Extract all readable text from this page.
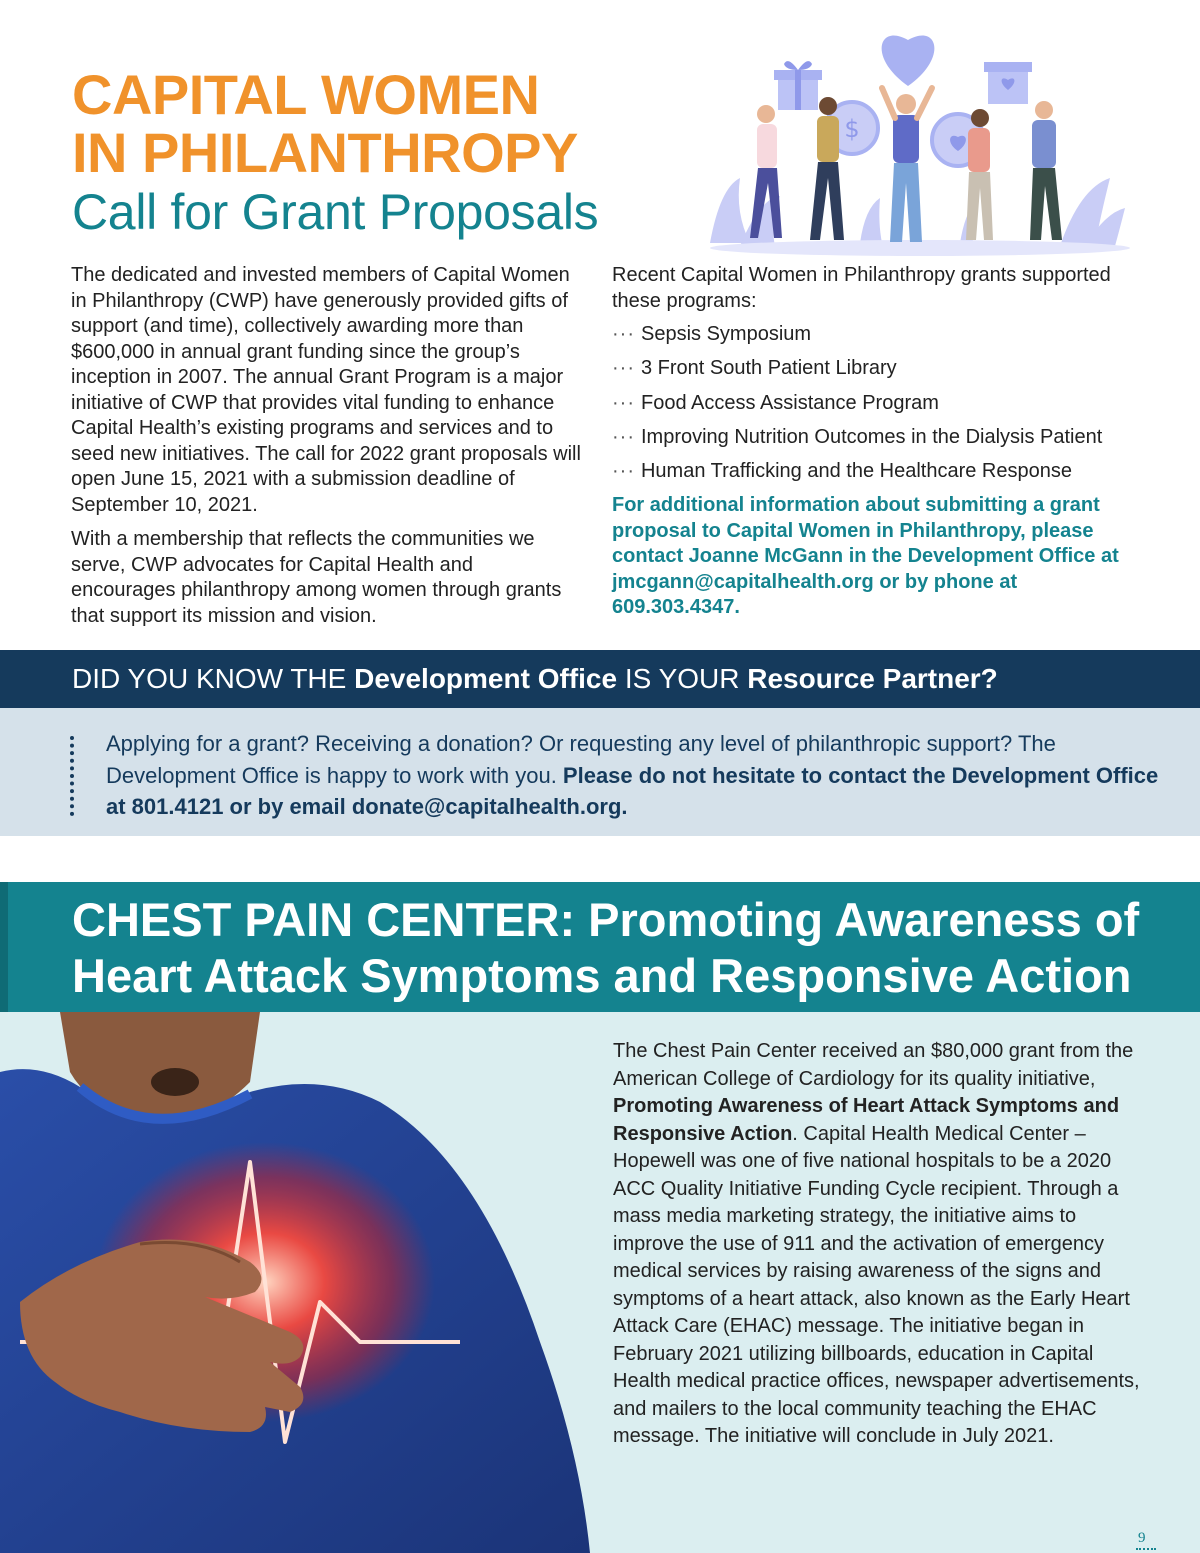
CAPITAL WOMEN
IN PHILANTHROPY
Call for Grant Proposals
$

The dedicated and invested members of Capital Women in Philanthropy (CWP) have generously provided gifts of support (and time), collectively awarding more than $600,000 in annual grant funding since the group’s inception in 2007. The annual Grant Program is a major initiative of CWP that provides vital funding to enhance Capital Health’s existing programs and services and to seed new initiatives. The call for 2022 grant proposals will open June 15, 2021 with a submission deadline of September 10, 2021.

With a membership that reflects the communities we serve, CWP advocates for Capital Health and encourages philanthropy among women through grants that support its mission and vision.

Recent Capital Women in Philanthropy grants supported these programs:

··· Sepsis Symposium
··· 3 Front South Patient Library
··· Food Access Assistance Program
··· Improving Nutrition Outcomes in the Dialysis Patient
··· Human Trafficking and the Healthcare Response

For additional information about submitting a grant proposal to Capital Women in Philanthropy, please contact Joanne McGann in the Development Office at jmcgann@capitalhealth.org or by phone at 609.303.4347.

DID YOU KNOW THE Development Office IS YOUR Resource Partner?

Applying for a grant? Receiving a donation? Or requesting any level of philanthropic support? The Development Office is happy to work with you. Please do not hesitate to contact the Development Office at 801.4121 or by email donate@capitalhealth.org.

CHEST PAIN CENTER: Promoting Awareness of Heart Attack Symptoms and Responsive Action

The Chest Pain Center received an $80,000 grant from the American College of Cardiology for its quality initiative, Promoting Awareness of Heart Attack Symptoms and Responsive Action. Capital Health Medical Center – Hopewell was one of five national hospitals to be a 2020 ACC Quality Initiative Funding Cycle recipient. Through a mass media marketing strategy, the initiative aims to improve the use of 911 and the activation of emergency medical services by raising awareness of the signs and symptoms of a heart attack, also known as the Early Heart Attack Care (EHAC) message. The initiative began in February 2021 utilizing billboards, education in Capital Health medical practice offices, newspaper advertisements, and mailers to the local community teaching the EHAC message. The initiative will conclude in July 2021.

9
